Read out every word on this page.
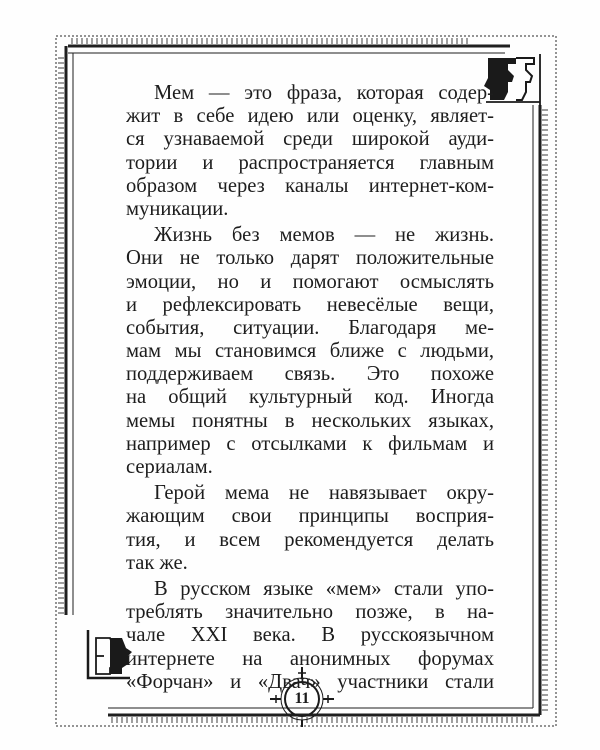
Мем — это фраза, которая содер-
жит в себе идею или оценку, являет-
ся узнаваемой среди широкой ауди-
тории и распространяется главным
образом через каналы интернет-ком-
муникации.
Жизнь без мемов — не жизнь.
Они не только дарят положительные
эмоции, но и помогают осмыслять
и рефлексировать невесёлые вещи,
события, ситуации. Благодаря ме-
мам мы становимся ближе с людьми,
поддерживаем связь. Это похоже
на общий культурный код. Иногда
мемы понятны в нескольких языках,
например с отсылками к фильмам и
сериалам.
Герой мема не навязывает окру-
жающим свои принципы восприя-
тия, и всем рекомендуется делать
так же.
В русском языке «мем» стали упо-
треблять значительно позже, в на-
чале XXI века. В русскоязычном
интернете на анонимных форумах
«Форчан» и «Двач» участники стали
11
